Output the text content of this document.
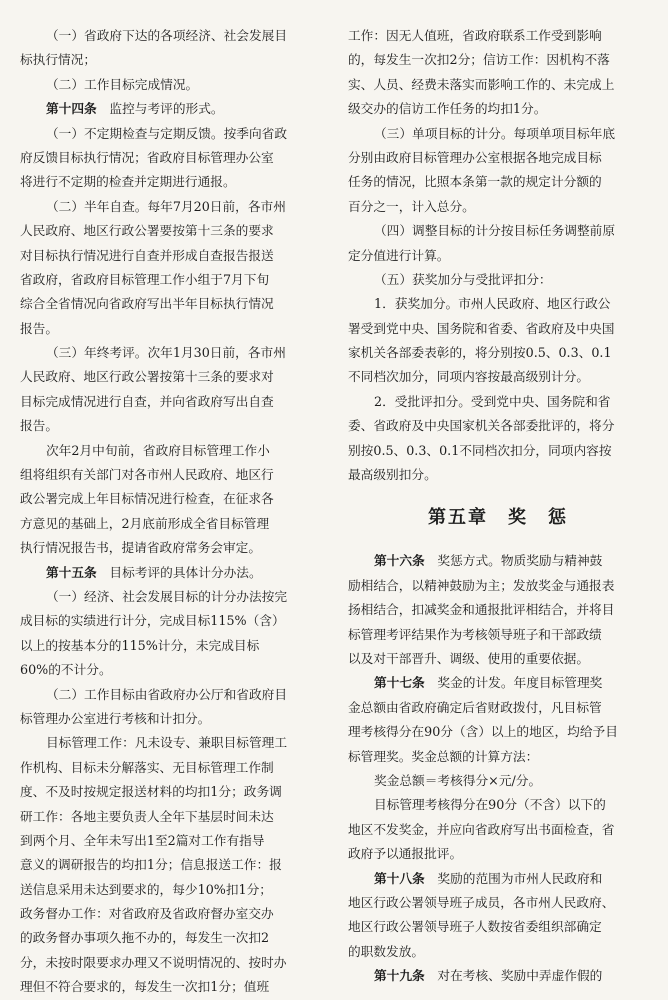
（一）省政府下达的各项经济、社会发展目
标执行情况；
（二）工作目标完成情况。
第十四条　监控与考评的形式。
（一）不定期检查与定期反馈。按季向省政
府反馈目标执行情况；省政府目标管理办公室
将进行不定期的检查并定期进行通报。
（二）半年自查。每年7月20日前，各市州
人民政府、地区行政公署要按第十三条的要求
对目标执行情况进行自查并形成自查报告报送
省政府，省政府目标管理工作小组于7月下旬
综合全省情况向省政府写出半年目标执行情况
报告。
（三）年终考评。次年1月30日前，各市州
人民政府、地区行政公署按第十三条的要求对
目标完成情况进行自查，并向省政府写出自查
报告。
次年2月中旬前，省政府目标管理工作小
组将组织有关部门对各市州人民政府、地区行
政公署完成上年目标情况进行检查，在征求各
方意见的基础上，2月底前形成全省目标管理
执行情况报告书，提请省政府常务会审定。
第十五条　目标考评的具体计分办法。
（一）经济、社会发展目标的计分办法按完
成目标的实绩进行计分，完成目标115%（含）
以上的按基本分的115%计分，未完成目标
60%的不计分。
（二）工作目标由省政府办公厅和省政府目
标管理办公室进行考核和计扣分。
目标管理工作：凡未设专、兼职目标管理工
作机构、目标未分解落实、无目标管理工作制
度、不及时按规定报送材料的均扣1分；政务调
研工作：各地主要负责人全年下基层时间未达
到两个月、全年未写出1至2篇对工作有指导
意义的调研报告的均扣1分；信息报送工作：报
送信息采用未达到要求的，每少10%扣1分；
政务督办工作：对省政府及省政府督办室交办
的政务督办事项久拖不办的，每发生一次扣2
分，未按时限要求办理又不说明情况的、按时办
理但不符合要求的，每发生一次扣1分；值班
工作：因无人值班，省政府联系工作受到影响
的，每发生一次扣2分；信访工作：因机构不落
实、人员、经费未落实而影响工作的、未完成上
级交办的信访工作任务的均扣1分。
（三）单项目标的计分。每项单项目标年底
分别由政府目标管理办公室根据各地完成目标
任务的情况，比照本条第一款的规定计分额的
百分之一，计入总分。
（四）调整目标的计分按目标任务调整前原
定分值进行计算。
（五）获奖加分与受批评扣分：
1．获奖加分。市州人民政府、地区行政公
署受到党中央、国务院和省委、省政府及中央国
家机关各部委表彰的，将分别按0.5、0.3、0.1
不同档次加分，同项内容按最高级别计分。
2．受批评扣分。受到党中央、国务院和省
委、省政府及中央国家机关各部委批评的，将分
别按0.5、0.3、0.1不同档次扣分，同项内容按
最高级别扣分。
第五章　奖　惩
第十六条　奖惩方式。物质奖励与精神鼓
励相结合，以精神鼓励为主；发放奖金与通报表
扬相结合，扣减奖金和通报批评相结合，并将目
标管理考评结果作为考核领导班子和干部政绩
以及对干部晋升、调级、使用的重要依据。
第十七条　奖金的计发。年度目标管理奖
金总额由省政府确定后省财政拨付，凡目标管
理考核得分在90分（含）以上的地区，均给予目
标管理奖。奖金总额的计算方法：
奖金总额＝考核得分×元/分。
目标管理考核得分在90分（不含）以下的
地区不发奖金，并应向省政府写出书面检查，省
政府予以通报批评。
第十八条　奖励的范围为市州人民政府和
地区行政公署领导班子成员，各市州人民政府、
地区行政公署领导班子人数按省委组织部确定
的职数发放。
第十九条　对在考核、奖励中弄虚作假的
